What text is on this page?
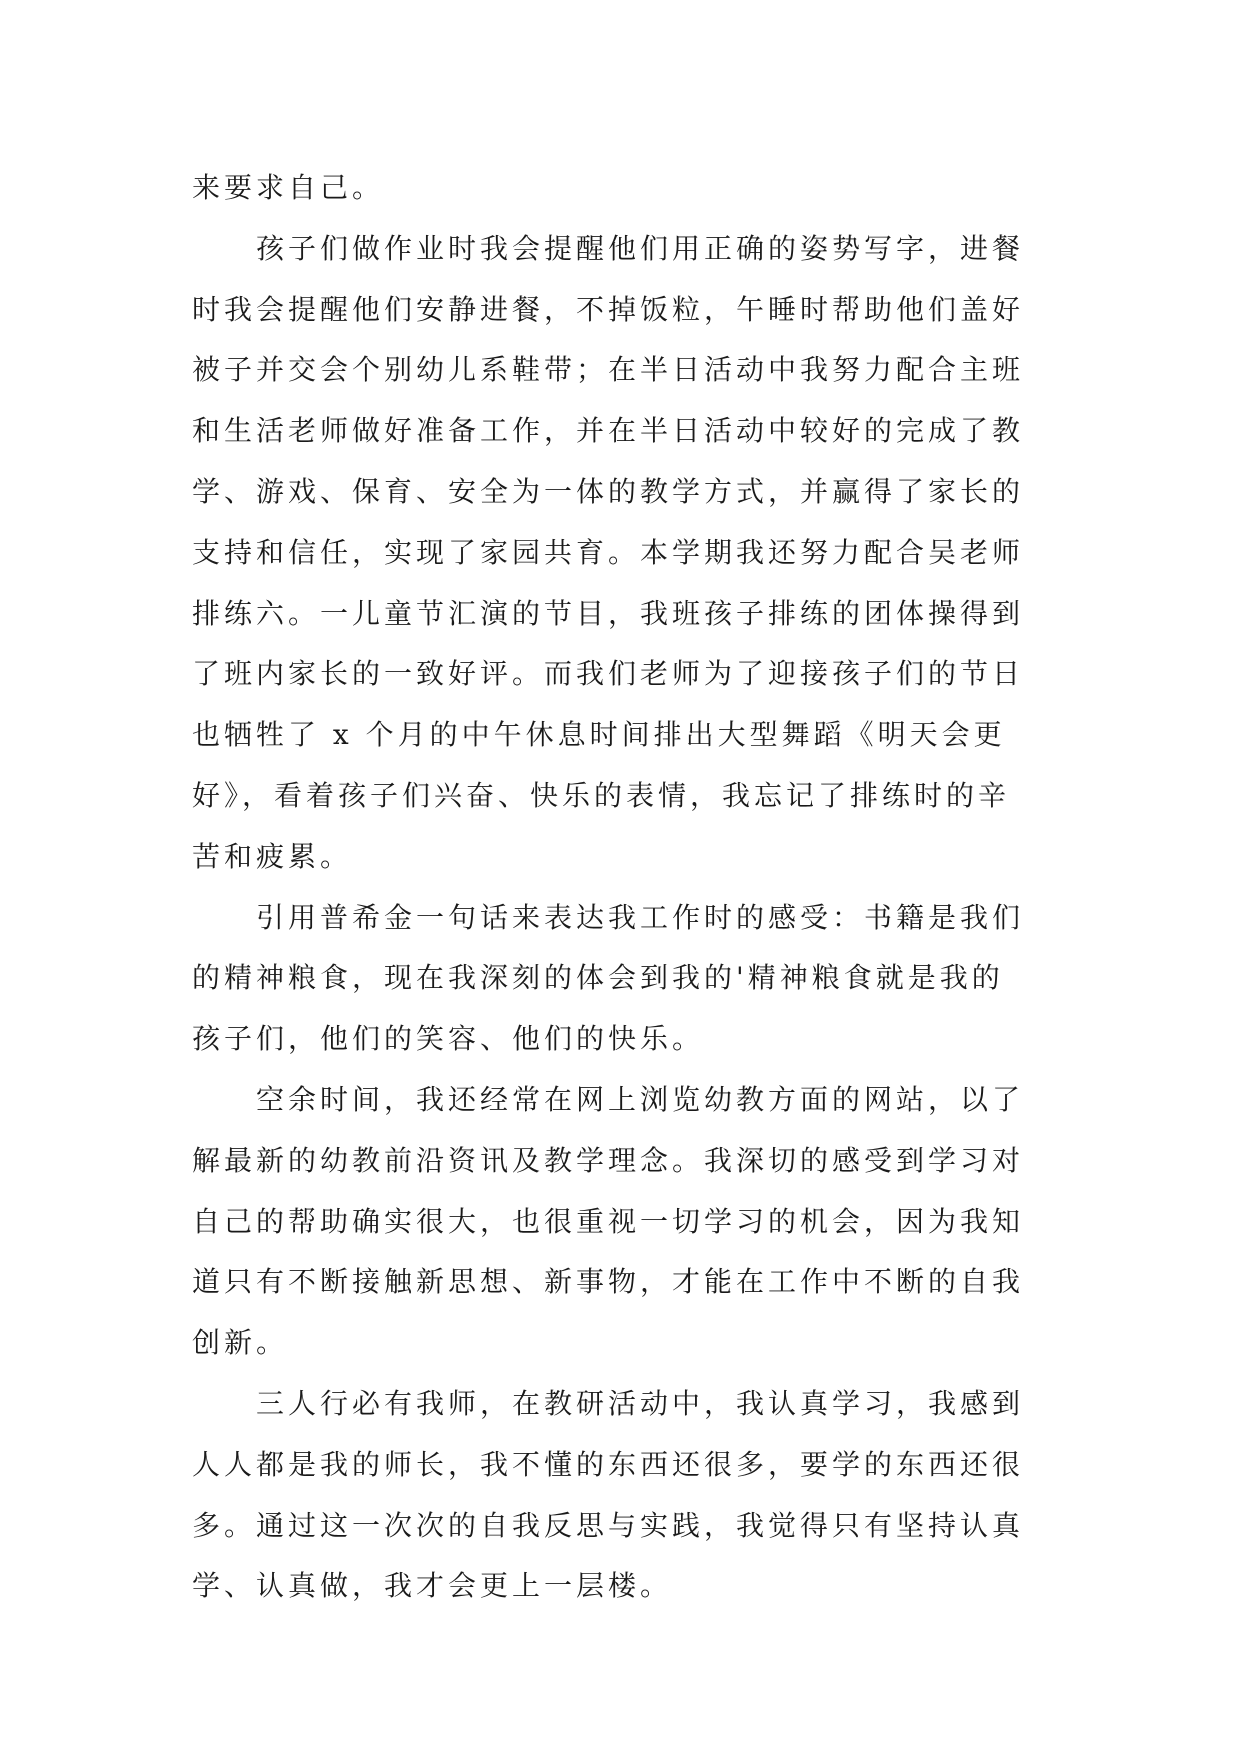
来要求自己。
孩子们做作业时我会提醒他们用正确的姿势写字，进餐
时我会提醒他们安静进餐，不掉饭粒，午睡时帮助他们盖好
被子并交会个别幼儿系鞋带；在半日活动中我努力配合主班
和生活老师做好准备工作，并在半日活动中较好的完成了教
学、游戏、保育、安全为一体的教学方式，并赢得了家长的
支持和信任，实现了家园共育。本学期我还努力配合吴老师
排练六。一儿童节汇演的节目，我班孩子排练的团体操得到
了班内家长的一致好评。而我们老师为了迎接孩子们的节日
也牺牲了 x 个月的中午休息时间排出大型舞蹈《明天会更
好》，看着孩子们兴奋、快乐的表情，我忘记了排练时的辛
苦和疲累。
引用普希金一句话来表达我工作时的感受：书籍是我们
的精神粮食，现在我深刻的体会到我的'精神粮食就是我的
孩子们，他们的笑容、他们的快乐。
空余时间，我还经常在网上浏览幼教方面的网站，以了
解最新的幼教前沿资讯及教学理念。我深切的感受到学习对
自己的帮助确实很大，也很重视一切学习的机会，因为我知
道只有不断接触新思想、新事物，才能在工作中不断的自我
创新。
三人行必有我师，在教研活动中，我认真学习，我感到
人人都是我的师长，我不懂的东西还很多，要学的东西还很
多。通过这一次次的自我反思与实践，我觉得只有坚持认真
学、认真做，我才会更上一层楼。
